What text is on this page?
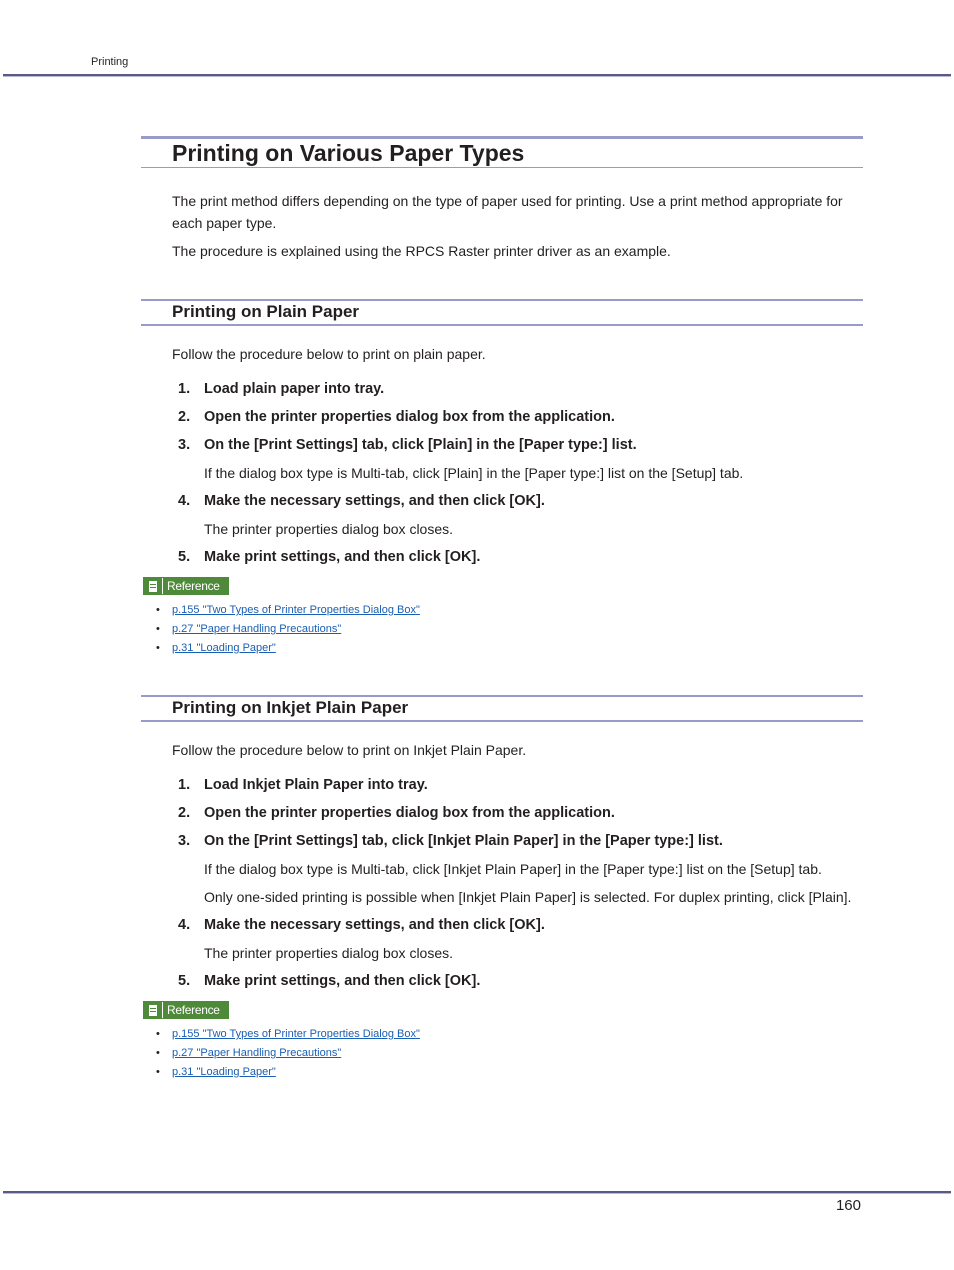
Printing
Printing on Various Paper Types

The print method differs depending on the type of paper used for printing. Use a print method appropriate for each paper type.

The procedure is explained using the RPCS Raster printer driver as an example.

Printing on Plain Paper

Follow the procedure below to print on plain paper.

1. Load plain paper into tray.
2. Open the printer properties dialog box from the application.
3. On the [Print Settings] tab, click [Plain] in the [Paper type:] list.
If the dialog box type is Multi-tab, click [Plain] in the [Paper type:] list on the [Setup] tab.
4. Make the necessary settings, and then click [OK].
The printer properties dialog box closes.
5. Make print settings, and then click [OK].
Reference
• p.155 "Two Types of Printer Properties Dialog Box"
• p.27 "Paper Handling Precautions"
• p.31 "Loading Paper"
Printing on Inkjet Plain Paper

Follow the procedure below to print on Inkjet Plain Paper.

1. Load Inkjet Plain Paper into tray.
2. Open the printer properties dialog box from the application.
3. On the [Print Settings] tab, click [Inkjet Plain Paper] in the [Paper type:] list.
If the dialog box type is Multi-tab, click [Inkjet Plain Paper] in the [Paper type:] list on the [Setup] tab.
Only one-sided printing is possible when [Inkjet Plain Paper] is selected. For duplex printing, click [Plain].
4. Make the necessary settings, and then click [OK].
The printer properties dialog box closes.
5. Make print settings, and then click [OK].
Reference
• p.155 "Two Types of Printer Properties Dialog Box"
• p.27 "Paper Handling Precautions"
• p.31 "Loading Paper"
160
